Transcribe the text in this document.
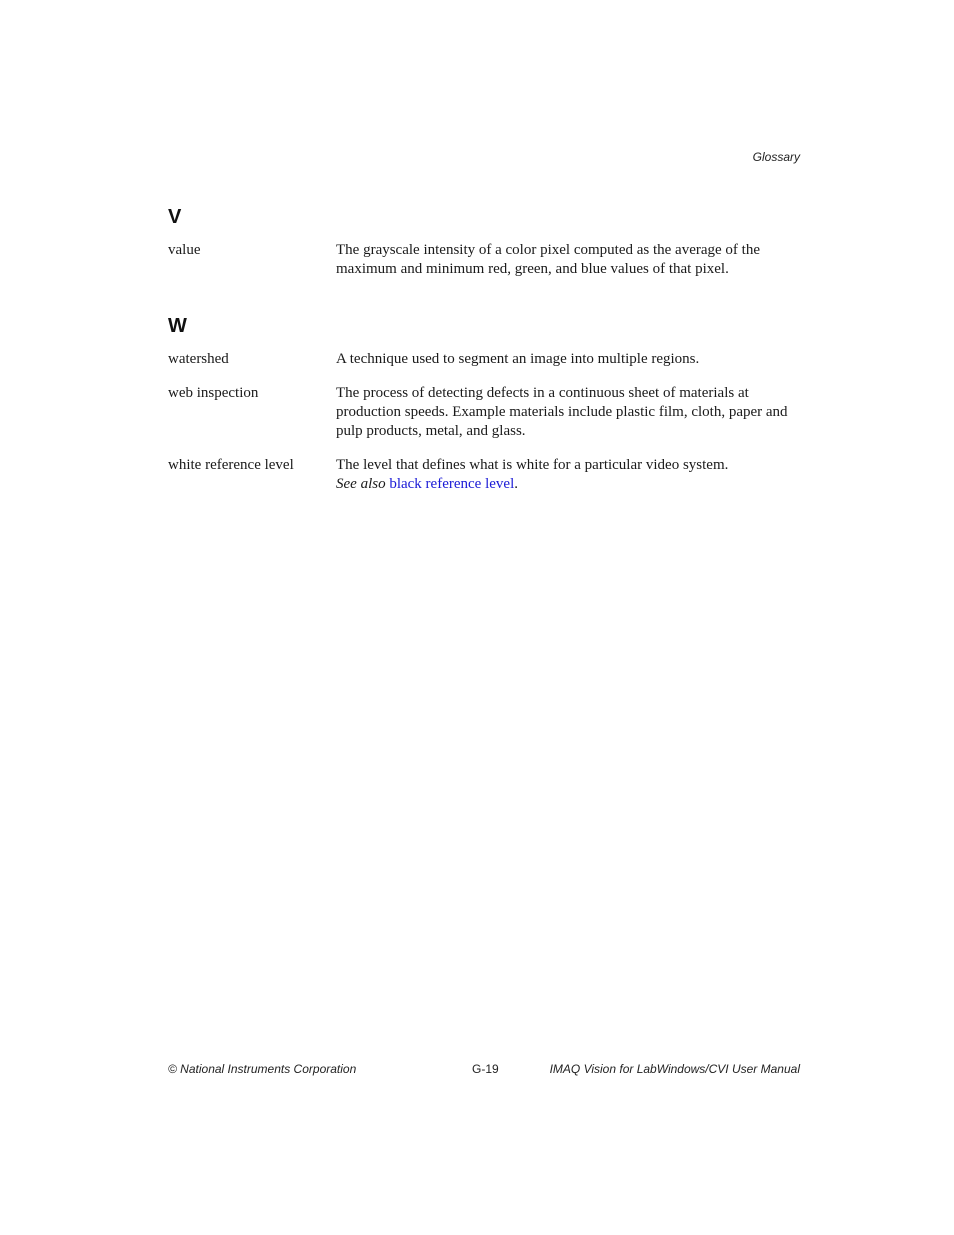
Glossary
V
value	The grayscale intensity of a color pixel computed as the average of the maximum and minimum red, green, and blue values of that pixel.
W
watershed	A technique used to segment an image into multiple regions.
web inspection	The process of detecting defects in a continuous sheet of materials at production speeds. Example materials include plastic film, cloth, paper and pulp products, metal, and glass.
white reference level	The level that defines what is white for a particular video system.
See also black reference level.
© National Instruments Corporation	G-19	IMAQ Vision for LabWindows/CVI User Manual
